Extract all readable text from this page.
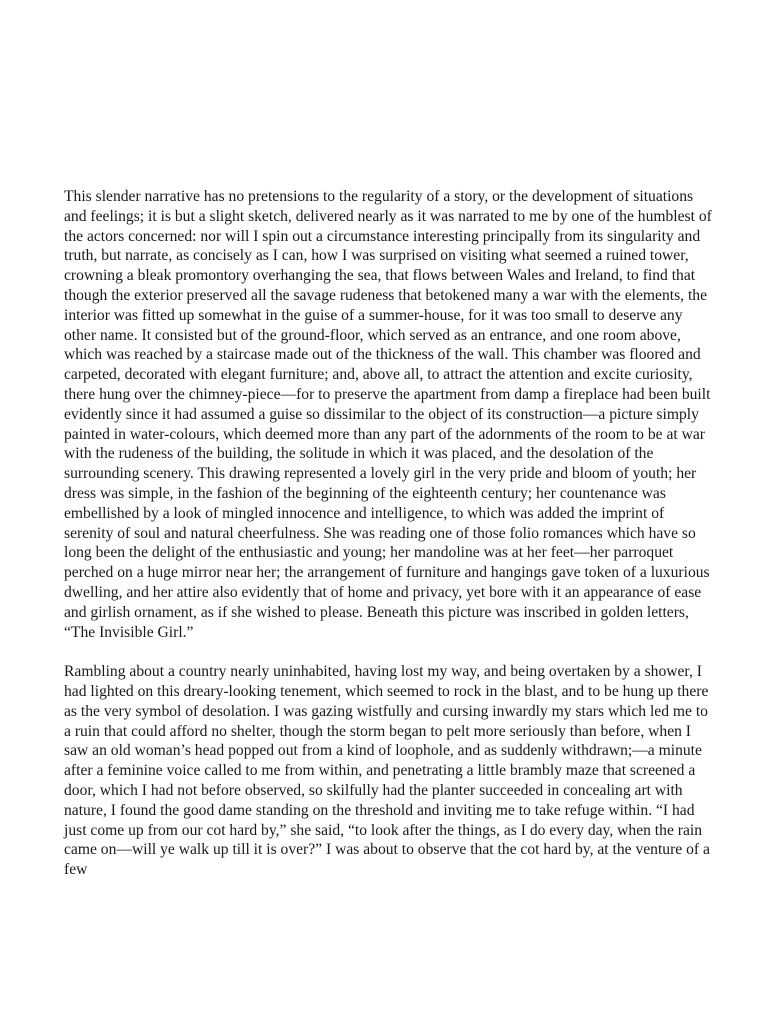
This slender narrative has no pretensions to the regularity of a story, or the development of situations and feelings; it is but a slight sketch, delivered nearly as it was narrated to me by one of the humblest of the actors concerned: nor will I spin out a circumstance interesting principally from its singularity and truth, but narrate, as concisely as I can, how I was surprised on visiting what seemed a ruined tower, crowning a bleak promontory overhanging the sea, that flows between Wales and Ireland, to find that though the exterior preserved all the savage rudeness that betokened many a war with the elements, the interior was fitted up somewhat in the guise of a summer-house, for it was too small to deserve any other name. It consisted but of the ground-floor, which served as an entrance, and one room above, which was reached by a staircase made out of the thickness of the wall. This chamber was floored and carpeted, decorated with elegant furniture; and, above all, to attract the attention and excite curiosity, there hung over the chimney-piece—for to preserve the apartment from damp a fireplace had been built evidently since it had assumed a guise so dissimilar to the object of its construction—a picture simply painted in water-colours, which deemed more than any part of the adornments of the room to be at war with the rudeness of the building, the solitude in which it was placed, and the desolation of the surrounding scenery. This drawing represented a lovely girl in the very pride and bloom of youth; her dress was simple, in the fashion of the beginning of the eighteenth century; her countenance was embellished by a look of mingled innocence and intelligence, to which was added the imprint of serenity of soul and natural cheerfulness. She was reading one of those folio romances which have so long been the delight of the enthusiastic and young; her mandoline was at her feet—her parroquet perched on a huge mirror near her; the arrangement of furniture and hangings gave token of a luxurious dwelling, and her attire also evidently that of home and privacy, yet bore with it an appearance of ease and girlish ornament, as if she wished to please. Beneath this picture was inscribed in golden letters, “The Invisible Girl.”

Rambling about a country nearly uninhabited, having lost my way, and being overtaken by a shower, I had lighted on this dreary-looking tenement, which seemed to rock in the blast, and to be hung up there as the very symbol of desolation. I was gazing wistfully and cursing inwardly my stars which led me to a ruin that could afford no shelter, though the storm began to pelt more seriously than before, when I saw an old woman’s head popped out from a kind of loophole, and as suddenly withdrawn;—a minute after a feminine voice called to me from within, and penetrating a little brambly maze that screened a door, which I had not before observed, so skilfully had the planter succeeded in concealing art with nature, I found the good dame standing on the threshold and inviting me to take refuge within. “I had just come up from our cot hard by,” she said, “to look after the things, as I do every day, when the rain came on—will ye walk up till it is over?” I was about to observe that the cot hard by, at the venture of a few
